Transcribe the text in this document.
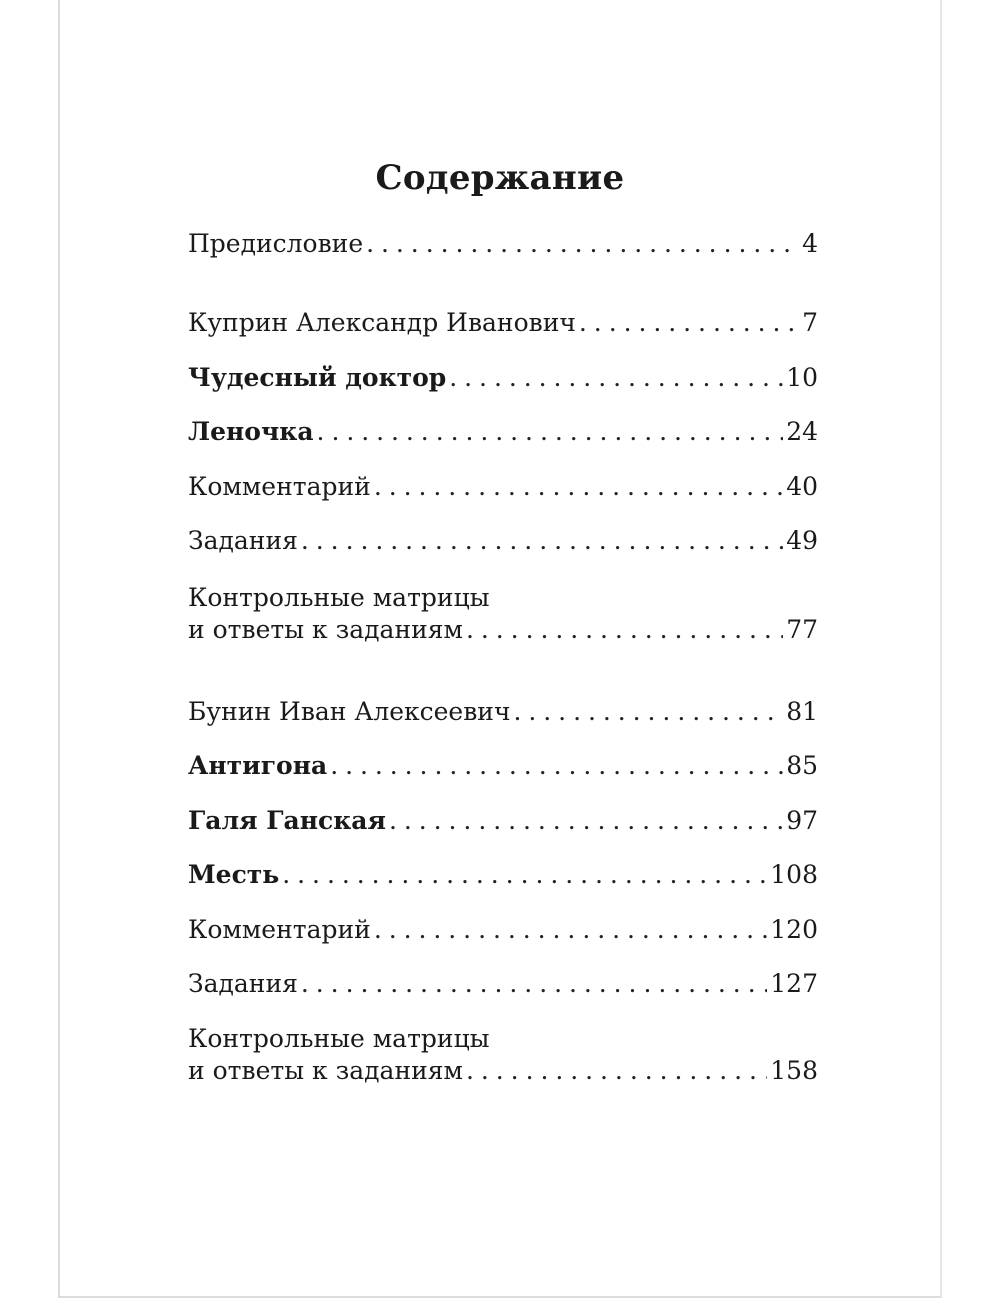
Содержание
Предисловие . . .	4
Куприн Александр Иванович . . .	7
Чудесный доктор . . .	10
Леночка . . .	24
Комментарий . . .	40
Задания . . .	49
Контрольные матрицы
и ответы к заданиям . . .	77
Бунин Иван Алексеевич . . .	81
Антигона . . .	85
Галя Ганская . . .	97
Месть . . .	108
Комментарий . . .	120
Задания . . .	127
Контрольные матрицы
и ответы к заданиям . . .	158
